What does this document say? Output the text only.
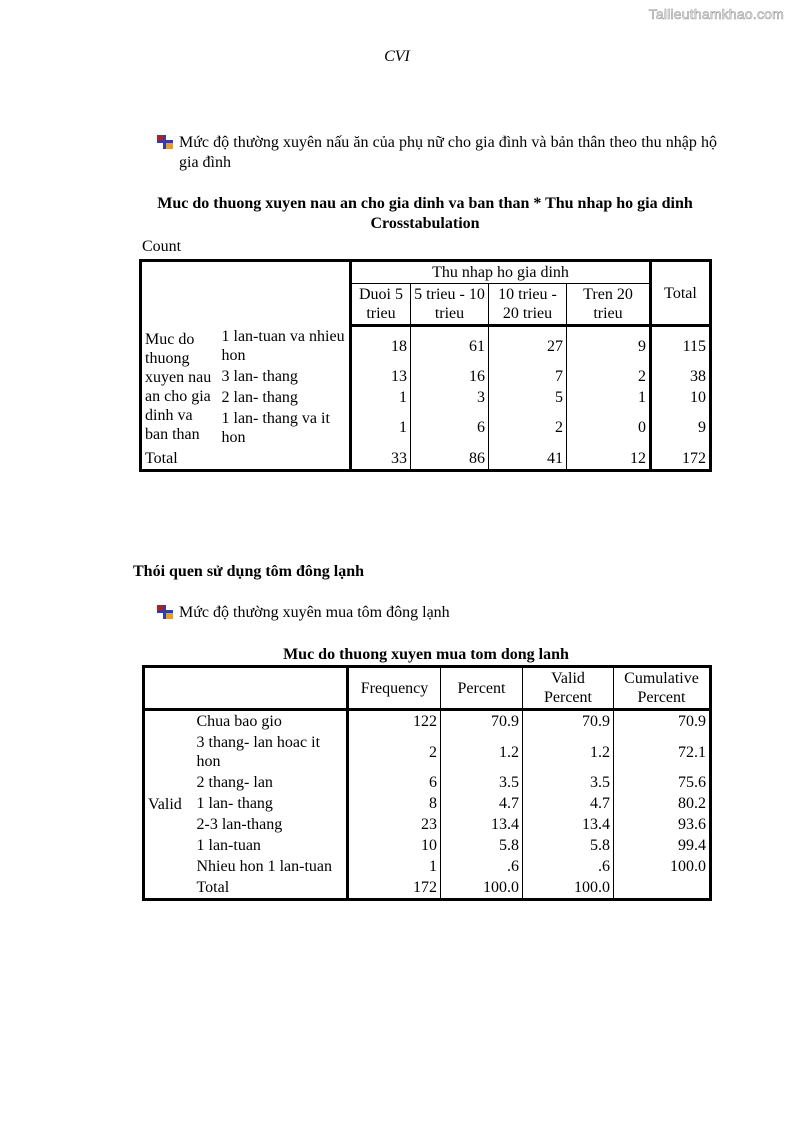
Tailieuthamkhao.com
CVI
Mức độ thường xuyên nấu ăn của phụ nữ cho gia đình và bản thân theo thu nhập hộ gia đình
Muc do thuong xuyen nau an cho gia dinh va ban than * Thu nhap ho gia dinh Crosstabulation
Count
		Thu nhap ho gia dinh				Total
		Duoi 5 trieu	5 trieu - 10 trieu	10 trieu - 20 trieu	Tren 20 trieu	
Muc do thuong xuyen nau an cho gia dinh va ban than	1 lan-tuan va nhieu hon	18	61	27	9	115
	3 lan- thang	13	16	7	2	38
	2 lan- thang	1	3	5	1	10
	1 lan- thang va it hon	1	6	2	0	9
Total		33	86	41	12	172
Thói quen sử dụng tôm đông lạnh
Mức độ thường xuyên mua tôm đông lạnh
Muc do thuong xuyen mua tom dong lanh
		Frequency	Percent	Valid Percent	Cumulative Percent
Valid	Chua bao gio	122	70.9	70.9	70.9
	3 thang- lan hoac it hon	2	1.2	1.2	72.1
	2 thang- lan	6	3.5	3.5	75.6
	1 lan- thang	8	4.7	4.7	80.2
	2-3 lan-thang	23	13.4	13.4	93.6
	1 lan-tuan	10	5.8	5.8	99.4
	Nhieu hon 1 lan-tuan	1	.6	.6	100.0
	Total	172	100.0	100.0	
